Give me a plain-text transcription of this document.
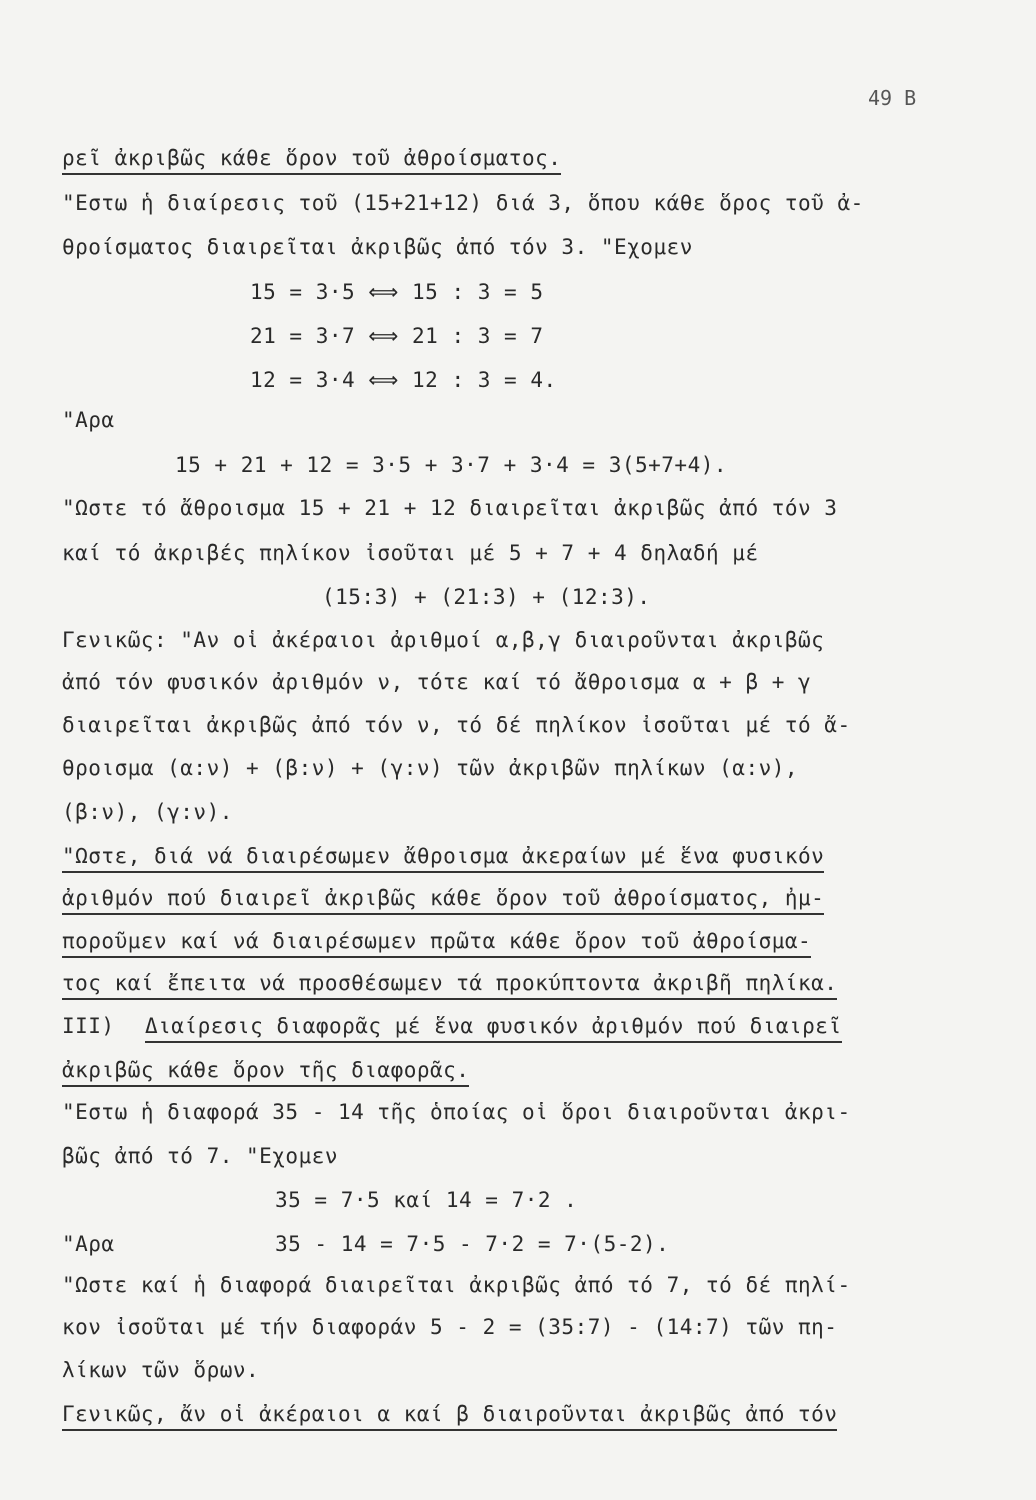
49 Β
ρεῖ ἀκριβῶς κάθε ὅρον τοῦ ἀθροίσματος.
"Εστω ἡ διαίρεσις τοῦ (15+21+12) διά 3, ὅπου κάθε ὅρος τοῦ ἀ-
θροίσματος διαιρεῖται ἀκριβῶς ἀπό τόν 3. "Εχομεν
15 = 3·5 ⟺ 15 : 3 = 5
21 = 3·7 ⟺ 21 : 3 = 7
12 = 3·4 ⟺ 12 : 3 = 4.
"Αρα
15 + 21 + 12 = 3·5 + 3·7 + 3·4 = 3(5+7+4).
"Ωστε τό ἄθροισμα 15 + 21 + 12 διαιρεῖται ἀκριβῶς ἀπό τόν 3
καί τό ἀκριβές πηλίκον ἰσοῦται μέ 5 + 7 + 4 δηλαδή μέ
(15:3) + (21:3) + (12:3).
Γενικῶς: "Αν οἱ ἀκέραιοι ἀριθμοί α,β,γ διαιροῦνται ἀκριβῶς
ἀπό τόν φυσικόν ἀριθμόν ν, τότε καί τό ἄθροισμα α + β + γ
διαιρεῖται ἀκριβῶς ἀπό τόν ν, τό δέ πηλίκον ἰσοῦται μέ τό ἄ-
θροισμα (α:ν) + (β:ν) + (γ:ν) τῶν ἀκριβῶν πηλίκων (α:ν),
(β:ν), (γ:ν).
"Ωστε, διά νά διαιρέσωμεν ἄθροισμα ἀκεραίων μέ ἕνα φυσικόν
ἀριθμόν πού διαιρεῖ ἀκριβῶς κάθε ὅρον τοῦ ἀθροίσματος, ἠμ-
ποροῦμεν καί νά διαιρέσωμεν πρῶτα κάθε ὅρον τοῦ ἀθροίσμα-
τος καί ἔπειτα νά προσθέσωμεν τά προκύπτοντα ἀκριβῆ πηλίκα.
III) Διαίρεσις διαφορᾶς μέ ἕνα φυσικόν ἀριθμόν πού διαιρεῖ
ἀκριβῶς κάθε ὅρον τῆς διαφορᾶς.
"Εστω ἡ διαφορά 35 - 14 τῆς ὁποίας οἱ ὅροι διαιροῦνται ἀκρι-
βῶς ἀπό τό 7. "Εχομεν
35 = 7·5 καί 14 = 7·2 .
"Αρα	35 - 14 = 7·5 - 7·2 = 7·(5-2).
"Ωστε καί ἡ διαφορά διαιρεῖται ἀκριβῶς ἀπό τό 7, τό δέ πηλί-
κον ἰσοῦται μέ τήν διαφοράν 5 - 2 = (35:7) - (14:7) τῶν πη-
λίκων τῶν ὅρων.
Γενικῶς, ἄν οἱ ἀκέραιοι α καί β διαιροῦνται ἀκριβῶς ἀπό τόν
